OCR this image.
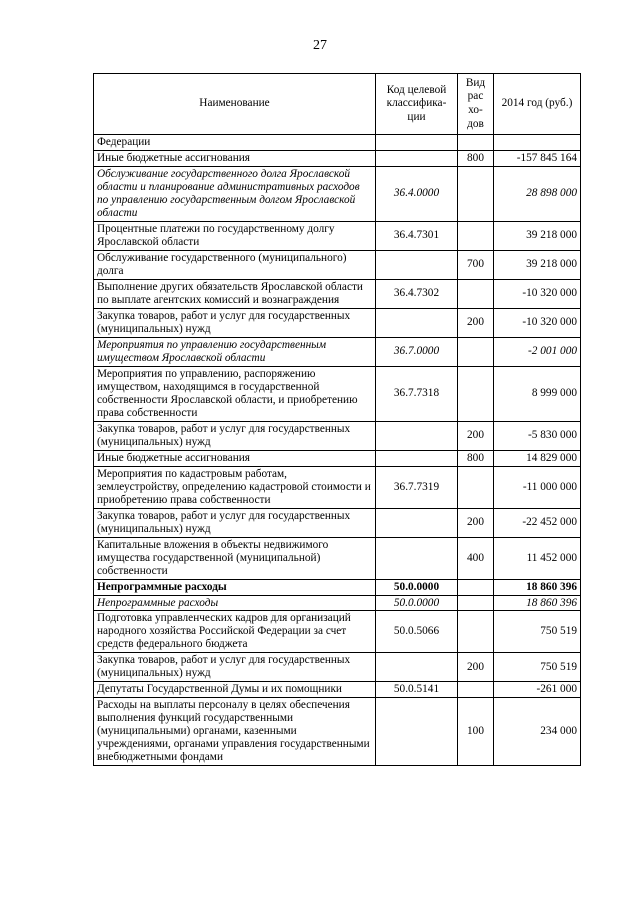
27
Наименование	Код целевой классифика-ции	Вид рас хо-дов	2014 год (руб.)
Федерации			
Иные бюджетные ассигнования		800	-157 845 164
Обслуживание государственного долга Ярославской области и планирование административных расходов по управлению государственным долгом Ярославской области	36.4.0000		28 898 000
Процентные платежи по государственному долгу Ярославской области	36.4.7301		39 218 000
Обслуживание государственного (муниципального) долга		700	39 218 000
Выполнение других обязательств Ярославской области по выплате агентских комиссий и вознаграждения	36.4.7302		-10 320 000
Закупка товаров, работ и услуг для государственных (муниципальных) нужд		200	-10 320 000
Мероприятия по управлению государственным имуществом Ярославской области	36.7.0000		-2 001 000
Мероприятия по управлению, распоряжению имуществом, находящимся в государственной собственности Ярославской области, и приобретению права собственности	36.7.7318		8 999 000
Закупка товаров, работ и услуг для государственных (муниципальных) нужд		200	-5 830 000
Иные бюджетные ассигнования		800	14 829 000
Мероприятия по кадастровым работам, землеустройству, определению кадастровой стоимости и приобретению права собственности	36.7.7319		-11 000 000
Закупка товаров, работ и услуг для государственных (муниципальных) нужд		200	-22 452 000
Капитальные вложения в объекты недвижимого имущества государственной (муниципальной) собственности		400	11 452 000
Непрограммные расходы	50.0.0000		18 860 396
Непрограммные расходы	50.0.0000		18 860 396
Подготовка управленческих кадров для организаций народного хозяйства Российской Федерации за счет средств федерального бюджета	50.0.5066		750 519
Закупка товаров, работ и услуг для государственных (муниципальных) нужд		200	750 519
Депутаты Государственной Думы и их помощники	50.0.5141		-261 000
Расходы на выплаты персоналу в целях обеспечения выполнения функций государственными (муниципальными) органами, казенными учреждениями, органами управления государственными внебюджетными фондами		100	234 000
